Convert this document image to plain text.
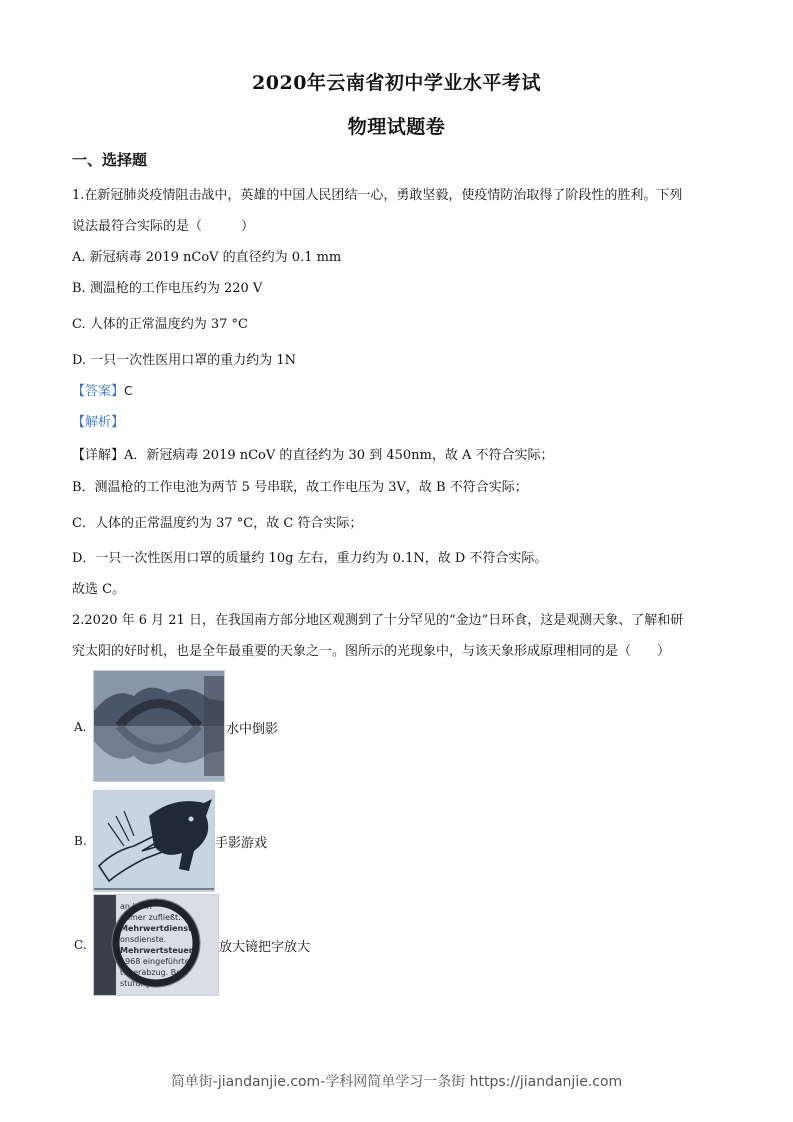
2020年云南省初中学业水平考试
物理试题卷
一、选择题
1.在新冠肺炎疫情阻击战中，英雄的中国人民团结一心，勇敢坚毅，使疫情防治取得了阶段性的胜利。下列
说法最符合实际的是（　　　）
A. 新冠病毒 2019 nCoV 的直径约为 0.1 mm
B. 测温枪的工作电压约为 220 V
C. 人体的正常温度约为 37 °C
D. 一只一次性医用口罩的重力约为 1N
【答案】C
【解析】
【详解】A．新冠病毒 2019 nCoV 的直径约为 30 到 450nm，故 A 不符合实际；
B．测温枪的工作电池为两节 5 号串联，故工作电压为 3V，故 B 不符合实际；
C．人体的正常温度约为 37 °C，故 C 符合实际；
D．一只一次性医用口罩的质量约 10g 左右，重力约为 0.1N，故 D 不符合实际。
故选 C。
2.2020 年 6 月 21 日，在我国南方部分地区观测到了十分罕见的“金边”日环食，这是观测天象、了解和研
究太阳的好时机，也是全年最重要的天象之一。图所示的光现象中，与该天象形成原理相同的是（　　）
A.	水中倒影
B.	手影游戏
C.
an Lohn
ehmer zufließt.
Mehrwertdienst
onsdienste.
Mehrwertsteuer
1968 eingeführte
teuerabzug. Bei
stufung de
放大镜把字放大
简单街-jiandanjie.com-学科网简单学习一条街 https://jiandanjie.com
